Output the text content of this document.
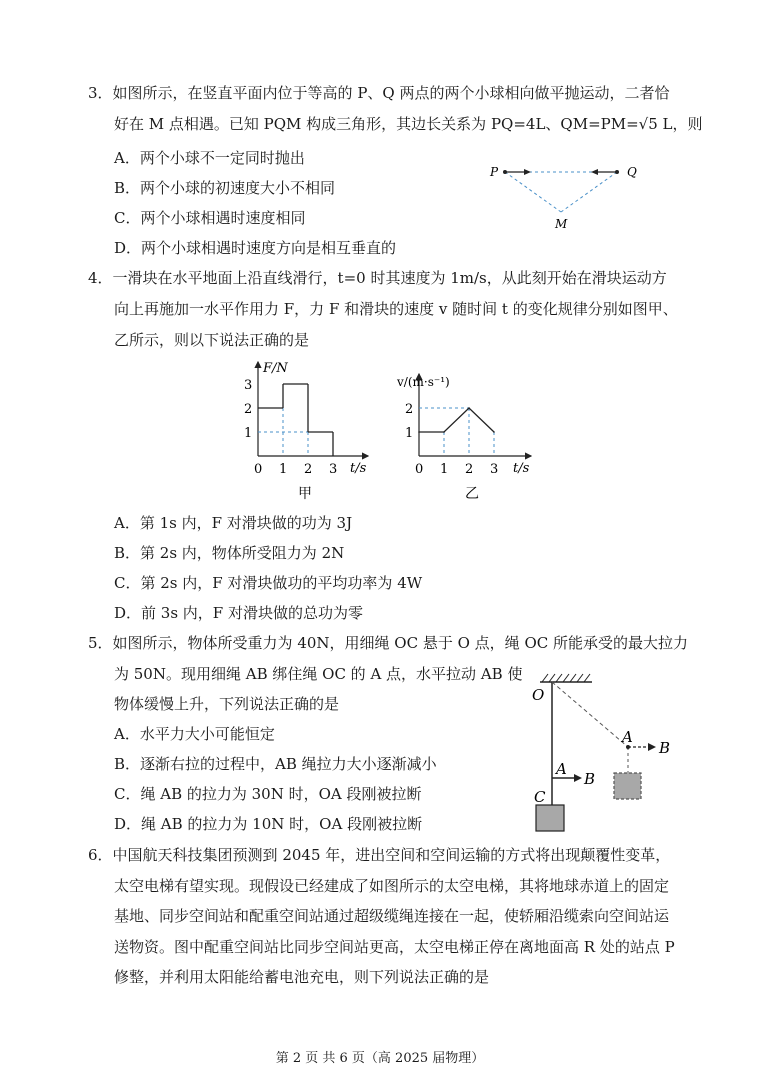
3．如图所示，在竖直平面内位于等高的 P、Q 两点的两个小球相向做平抛运动，二者恰
好在 M 点相遇。已知 PQM 构成三角形，其边长关系为 PQ=4L、QM=PM=√5 L，则
A．两个小球不一定同时抛出
B．两个小球的初速度大小不相同
C．两个小球相遇时速度相同
D．两个小球相遇时速度方向是相互垂直的
P	Q
M
4．一滑块在水平地面上沿直线滑行，t=0 时其速度为 1m/s，从此刻开始在滑块运动方
向上再施加一水平作用力 F，力 F 和滑块的速度 v 随时间 t 的变化规律分别如图甲、
乙所示，则以下说法正确的是
F/N
t/s
1
2
3
0 1 2 3
甲
v/(m·s⁻¹)
t/s
1
2
0 1 2 3
乙
A．第 1s 内，F 对滑块做的功为 3J
B．第 2s 内，物体所受阻力为 2N
C．第 2s 内，F 对滑块做功的平均功率为 4W
D．前 3s 内，F 对滑块做的总功为零
5．如图所示，物体所受重力为 40N，用细绳 OC 悬于 O 点，绳 OC 所能承受的最大拉力
为 50N。现用细绳 AB 绑住绳 OC 的 A 点，水平拉动 AB 使
物体缓慢上升，下列说法正确的是
A．水平力大小可能恒定
B．逐渐右拉的过程中，AB 绳拉力大小逐渐减小
C．绳 AB 的拉力为 30N 时，OA 段刚被拉断
D．绳 AB 的拉力为 10N 时，OA 段刚被拉断
O
A
B
C
A
B
6．中国航天科技集团预测到 2045 年，进出空间和空间运输的方式将出现颠覆性变革，
太空电梯有望实现。现假设已经建成了如图所示的太空电梯，其将地球赤道上的固定
基地、同步空间站和配重空间站通过超级缆绳连接在一起，使轿厢沿缆索向空间站运
送物资。图中配重空间站比同步空间站更高，太空电梯正停在离地面高 R 处的站点 P
修整，并利用太阳能给蓄电池充电，则下列说法正确的是
第 2 页 共 6 页（高 2025 届物理）
